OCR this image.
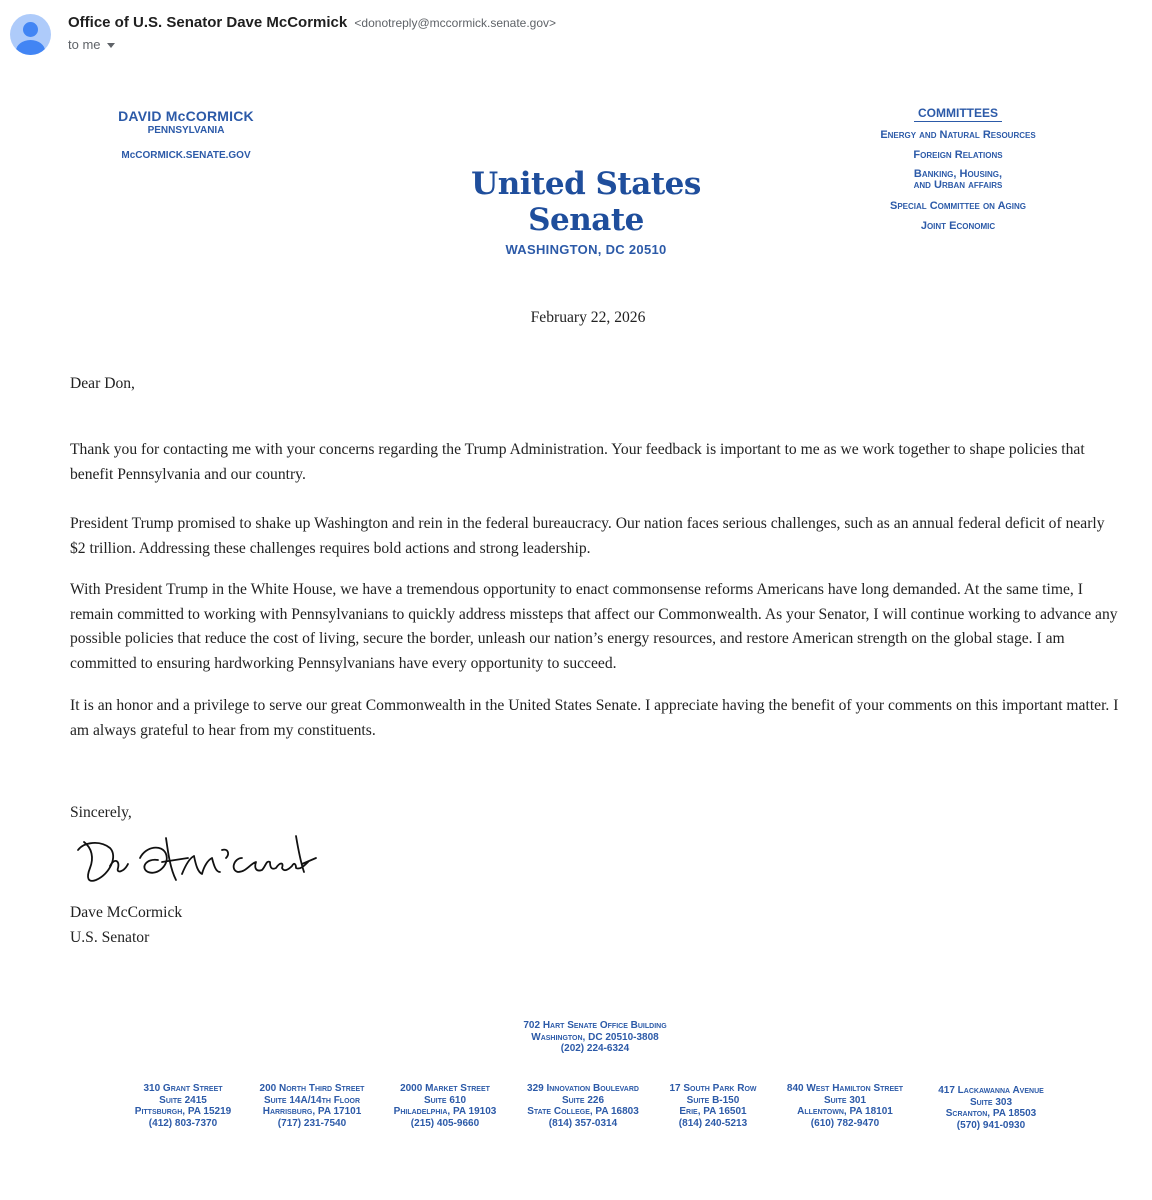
Office of U.S. Senator Dave McCormick <donotreply@mccormick.senate.gov>
to me
DAVID McCORMICK
PENNSYLVANIA
McCORMICK.SENATE.GOV
United States Senate
WASHINGTON, DC 20510
COMMITTEES
Energy and Natural Resources
Foreign Relations
Banking, Housing,
and Urban affairs
Special Committee on Aging
Joint Economic
February 22, 2026
Dear Don,
Thank you for contacting me with your concerns regarding the Trump Administration. Your feedback is important to me as we work together to shape policies that benefit Pennsylvania and our country.
President Trump promised to shake up Washington and rein in the federal bureaucracy. Our nation faces serious challenges, such as an annual federal deficit of nearly $2 trillion. Addressing these challenges requires bold actions and strong leadership.
With President Trump in the White House, we have a tremendous opportunity to enact commonsense reforms Americans have long demanded. At the same time, I remain committed to working with Pennsylvanians to quickly address missteps that affect our Commonwealth. As your Senator, I will continue working to advance any possible policies that reduce the cost of living, secure the border, unleash our nation’s energy resources, and restore American strength on the global stage. I am committed to ensuring hardworking Pennsylvanians have every opportunity to succeed.
It is an honor and a privilege to serve our great Commonwealth in the United States Senate. I appreciate having the benefit of your comments on this important matter. I am always grateful to hear from my constituents.
Sincerely,
Dave McCormick
U.S. Senator
702 Hart Senate Office Building
Washington, DC 20510-3808
(202) 224-6324
310 Grant Street
Suite 2415
Pittsburgh, PA 15219
(412) 803-7370
200 North Third Street
Suite 14A/14th Floor
Harrisburg, PA 17101
(717) 231-7540
2000 Market Street
Suite 610
Philadelphia, PA 19103
(215) 405-9660
329 Innovation Boulevard
Suite 226
State College, PA 16803
(814) 357-0314
17 South Park Row
Suite B-150
Erie, PA 16501
(814) 240-5213
840 West Hamilton Street
Suite 301
Allentown, PA 18101
(610) 782-9470
417 Lackawanna Avenue
Suite 303
Scranton, PA 18503
(570) 941-0930
